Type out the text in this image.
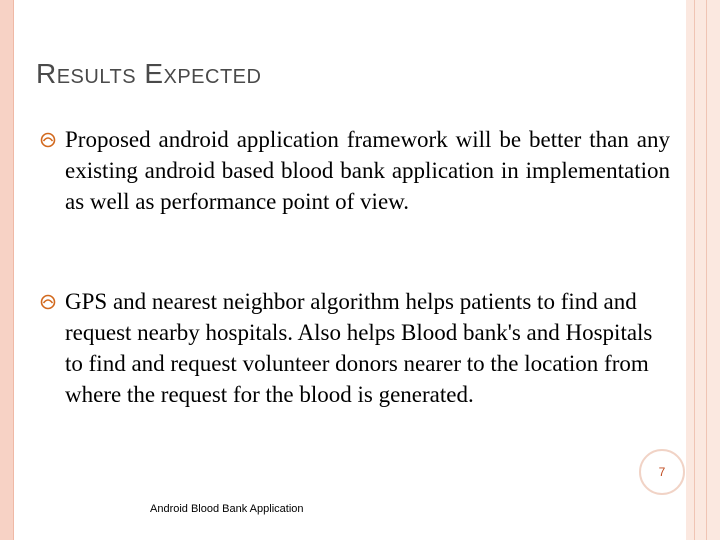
Results Expected
Proposed android application framework will be better than any existing android based blood bank application in implementation as well as performance point of view.
GPS and nearest neighbor algorithm helps patients to find and request nearby hospitals. Also helps Blood bank's and Hospitals to find and request volunteer donors nearer to the location from where the request for the blood is generated.
7
Android Blood Bank Application
